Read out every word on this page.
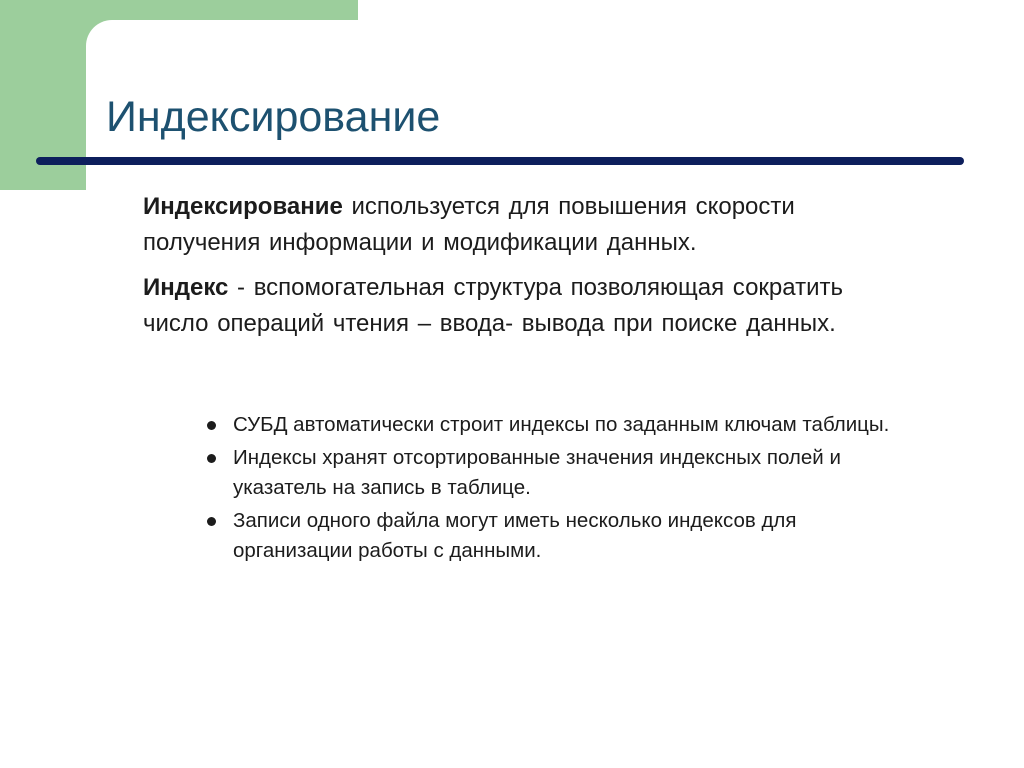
Индексирование

Индексирование используется для повышения скорости получения информации и модификации данных.

Индекс - вспомогательная структура позволяющая сократить число операций чтения – ввода- вывода при поиске данных.

СУБД автоматически строит индексы по заданным ключам таблицы.
Индексы хранят отсортированные значения индексных полей и указатель на запись в таблице.
Записи одного файла могут иметь несколько индексов для организации работы с данными.
